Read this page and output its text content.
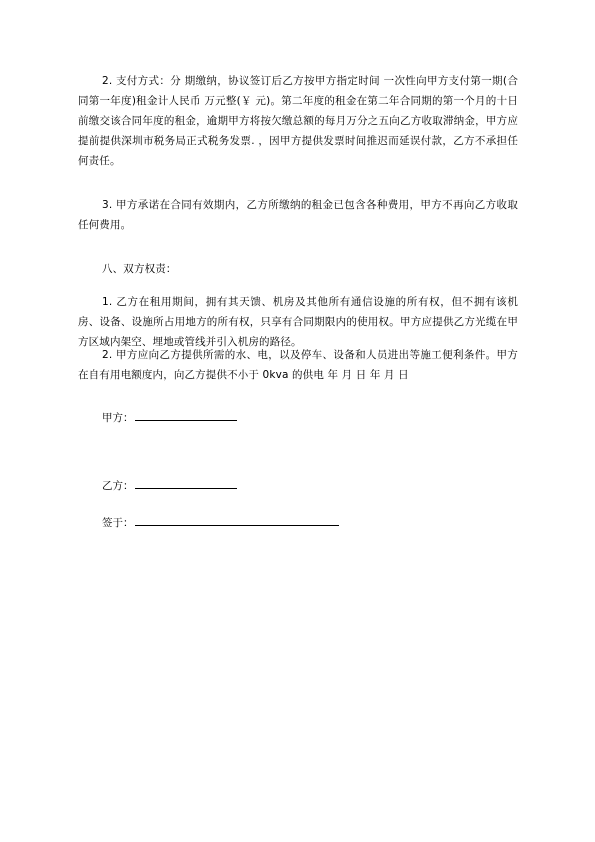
2. 支付方式：分 期缴纳，协议签订后乙方按甲方指定时间 一次性向甲方支付第一期(合同第一年度)租金计人民币 万元整(￥ 元)。第二年度的租金在第二年合同期的第一个月的十日前缴交该合同年度的租金，逾期甲方将按欠缴总额的每月万分之五向乙方收取滞纳金，甲方应提前提供深圳市税务局正式税务发票. ，因甲方提供发票时间推迟而延误付款，乙方不承担任何责任。

3. 甲方承诺在合同有效期内，乙方所缴纳的租金已包含各种费用，甲方不再向乙方收取任何费用。

八、双方权责：

1. 乙方在租用期间，拥有其天馈、机房及其他所有通信设施的所有权，但不拥有该机房、设备、设施所占用地方的所有权，只享有合同期限内的使用权。甲方应提供乙方光缆在甲方区域内架空、埋地或管线并引入机房的路径。

2. 甲方应向乙方提供所需的水、电，以及停车、设备和人员进出等施工便利条件。甲方在自有用电额度内，向乙方提供不小于 0kva 的供电 年 月 日 年 月 日

甲方：
乙方：
签于：
